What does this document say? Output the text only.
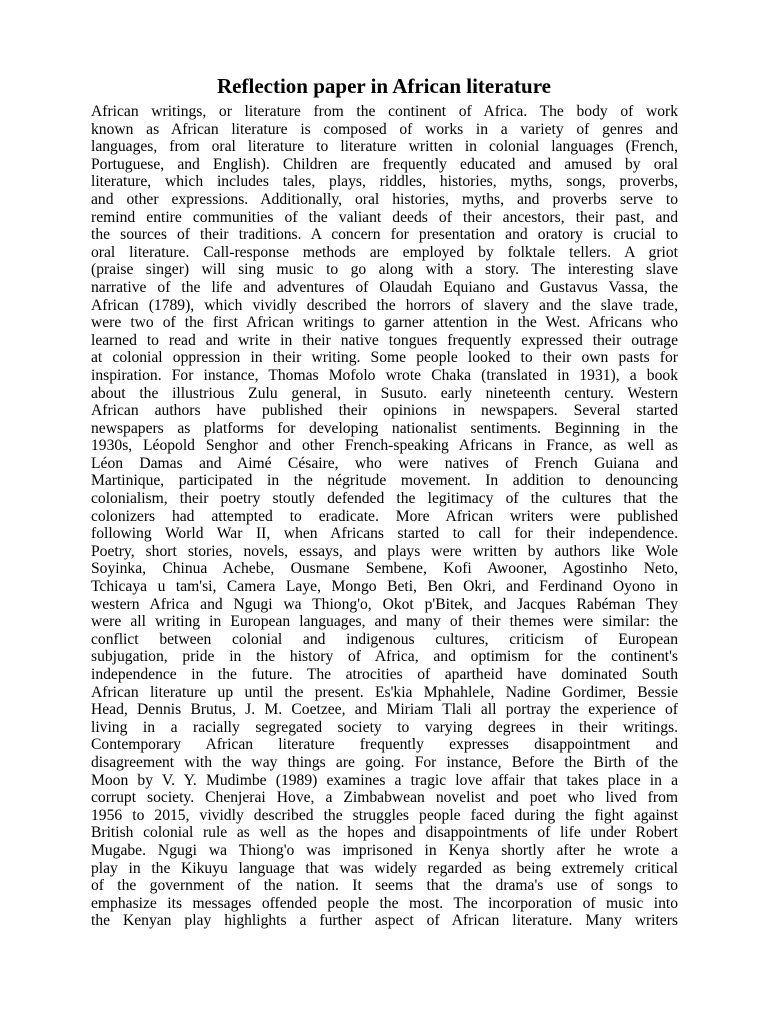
Reflection paper in African literature
African writings, or literature from the continent of Africa. The body of work
known as African literature is composed of works in a variety of genres and
languages, from oral literature to literature written in colonial languages (French,
Portuguese, and English). Children are frequently educated and amused by oral
literature, which includes tales, plays, riddles, histories, myths, songs, proverbs,
and other expressions. Additionally, oral histories, myths, and proverbs serve to
remind entire communities of the valiant deeds of their ancestors, their past, and
the sources of their traditions. A concern for presentation and oratory is crucial to
oral literature. Call-response methods are employed by folktale tellers. A griot
(praise singer) will sing music to go along with a story. The interesting slave
narrative of the life and adventures of Olaudah Equiano and Gustavus Vassa, the
African (1789), which vividly described the horrors of slavery and the slave trade,
were two of the first African writings to garner attention in the West. Africans who
learned to read and write in their native tongues frequently expressed their outrage
at colonial oppression in their writing. Some people looked to their own pasts for
inspiration. For instance, Thomas Mofolo wrote Chaka (translated in 1931), a book
about the illustrious Zulu general, in Susuto. early nineteenth century. Western
African authors have published their opinions in newspapers. Several started
newspapers as platforms for developing nationalist sentiments. Beginning in the
1930s, Léopold Senghor and other French-speaking Africans in France, as well as
Léon Damas and Aimé Césaire, who were natives of French Guiana and
Martinique, participated in the négritude movement. In addition to denouncing
colonialism, their poetry stoutly defended the legitimacy of the cultures that the
colonizers had attempted to eradicate. More African writers were published
following World War II, when Africans started to call for their independence.
Poetry, short stories, novels, essays, and plays were written by authors like Wole
Soyinka, Chinua Achebe, Ousmane Sembene, Kofi Awooner, Agostinho Neto,
Tchicaya u tam'si, Camera Laye, Mongo Beti, Ben Okri, and Ferdinand Oyono in
western Africa and Ngugi wa Thiong'o, Okot p'Bitek, and Jacques Rabéman They
were all writing in European languages, and many of their themes were similar: the
conflict between colonial and indigenous cultures, criticism of European
subjugation, pride in the history of Africa, and optimism for the continent's
independence in the future. The atrocities of apartheid have dominated South
African literature up until the present. Es'kia Mphahlele, Nadine Gordimer, Bessie
Head, Dennis Brutus, J. M. Coetzee, and Miriam Tlali all portray the experience of
living in a racially segregated society to varying degrees in their writings.
Contemporary African literature frequently expresses disappointment and
disagreement with the way things are going. For instance, Before the Birth of the
Moon by V. Y. Mudimbe (1989) examines a tragic love affair that takes place in a
corrupt society. Chenjerai Hove, a Zimbabwean novelist and poet who lived from
1956 to 2015, vividly described the struggles people faced during the fight against
British colonial rule as well as the hopes and disappointments of life under Robert
Mugabe. Ngugi wa Thiong'o was imprisoned in Kenya shortly after he wrote a
play in the Kikuyu language that was widely regarded as being extremely critical
of the government of the nation. It seems that the drama's use of songs to
emphasize its messages offended people the most. The incorporation of music into
the Kenyan play highlights a further aspect of African literature. Many writers
